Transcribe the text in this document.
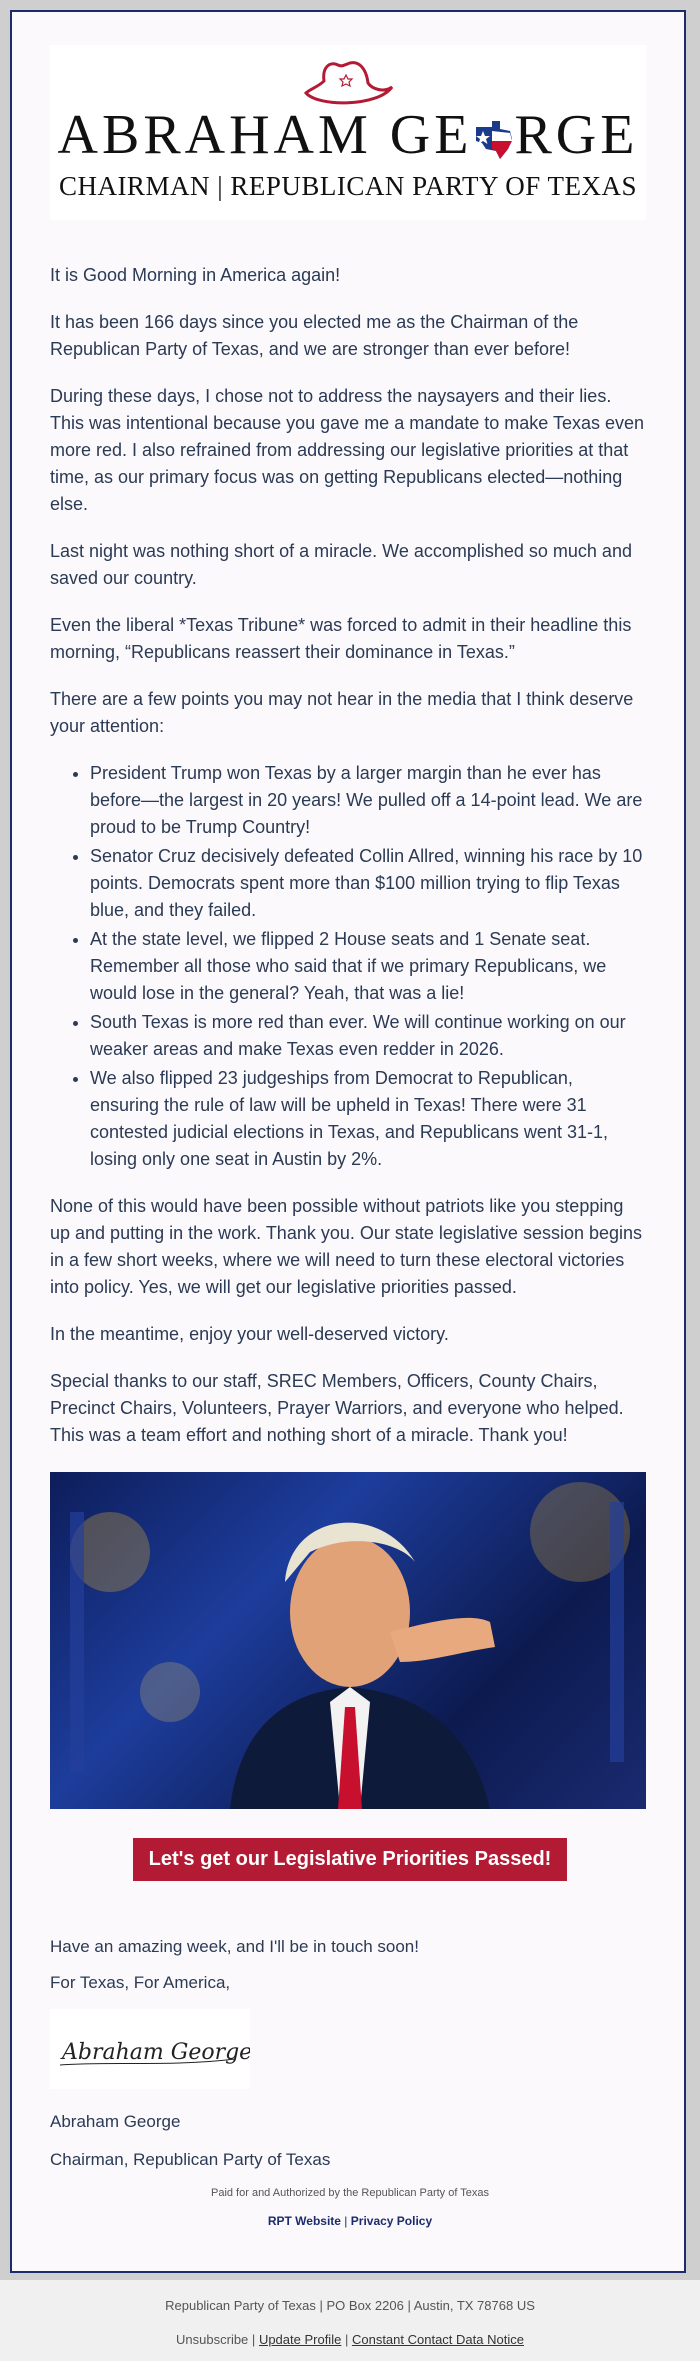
ABRAHAM GE RGE
CHAIRMAN | REPUBLICAN PARTY OF TEXAS

It is Good Morning in America again!

It has been 166 days since you elected me as the Chairman of the Republican Party of Texas, and we are stronger than ever before!

During these days, I chose not to address the naysayers and their lies. This was intentional because you gave me a mandate to make Texas even more red. I also refrained from addressing our legislative priorities at that time, as our primary focus was on getting Republicans elected—nothing else.

Last night was nothing short of a miracle. We accomplished so much and saved our country.

Even the liberal *Texas Tribune* was forced to admit in their headline this morning, “Republicans reassert their dominance in Texas.”

There are a few points you may not hear in the media that I think deserve your attention:

• President Trump won Texas by a larger margin than he ever has before—the largest in 20 years! We pulled off a 14-point lead. We are proud to be Trump Country!
• Senator Cruz decisively defeated Collin Allred, winning his race by 10 points. Democrats spent more than $100 million trying to flip Texas blue, and they failed.
• At the state level, we flipped 2 House seats and 1 Senate seat. Remember all those who said that if we primary Republicans, we would lose in the general? Yeah, that was a lie!
• South Texas is more red than ever. We will continue working on our weaker areas and make Texas even redder in 2026.
• We also flipped 23 judgeships from Democrat to Republican, ensuring the rule of law will be upheld in Texas! There were 31 contested judicial elections in Texas, and Republicans went 31-1, losing only one seat in Austin by 2%.

None of this would have been possible without patriots like you stepping up and putting in the work. Thank you. Our state legislative session begins in a few short weeks, where we will need to turn these electoral victories into policy. Yes, we will get our legislative priorities passed.

In the meantime, enjoy your well-deserved victory.

Special thanks to our staff, SREC Members, Officers, County Chairs, Precinct Chairs, Volunteers, Prayer Warriors, and everyone who helped. This was a team effort and nothing short of a miracle. Thank you!

Let's get our Legislative Priorities Passed!
Have an amazing week, and I'll be in touch soon!
For Texas, For America,
Abraham George
Abraham George
Chairman, Republican Party of Texas
Paid for and Authorized by the Republican Party of Texas
RPT Website | Privacy Policy
Republican Party of Texas | PO Box 2206 | Austin, TX 78768 US
Unsubscribe | Update Profile | Constant Contact Data Notice
